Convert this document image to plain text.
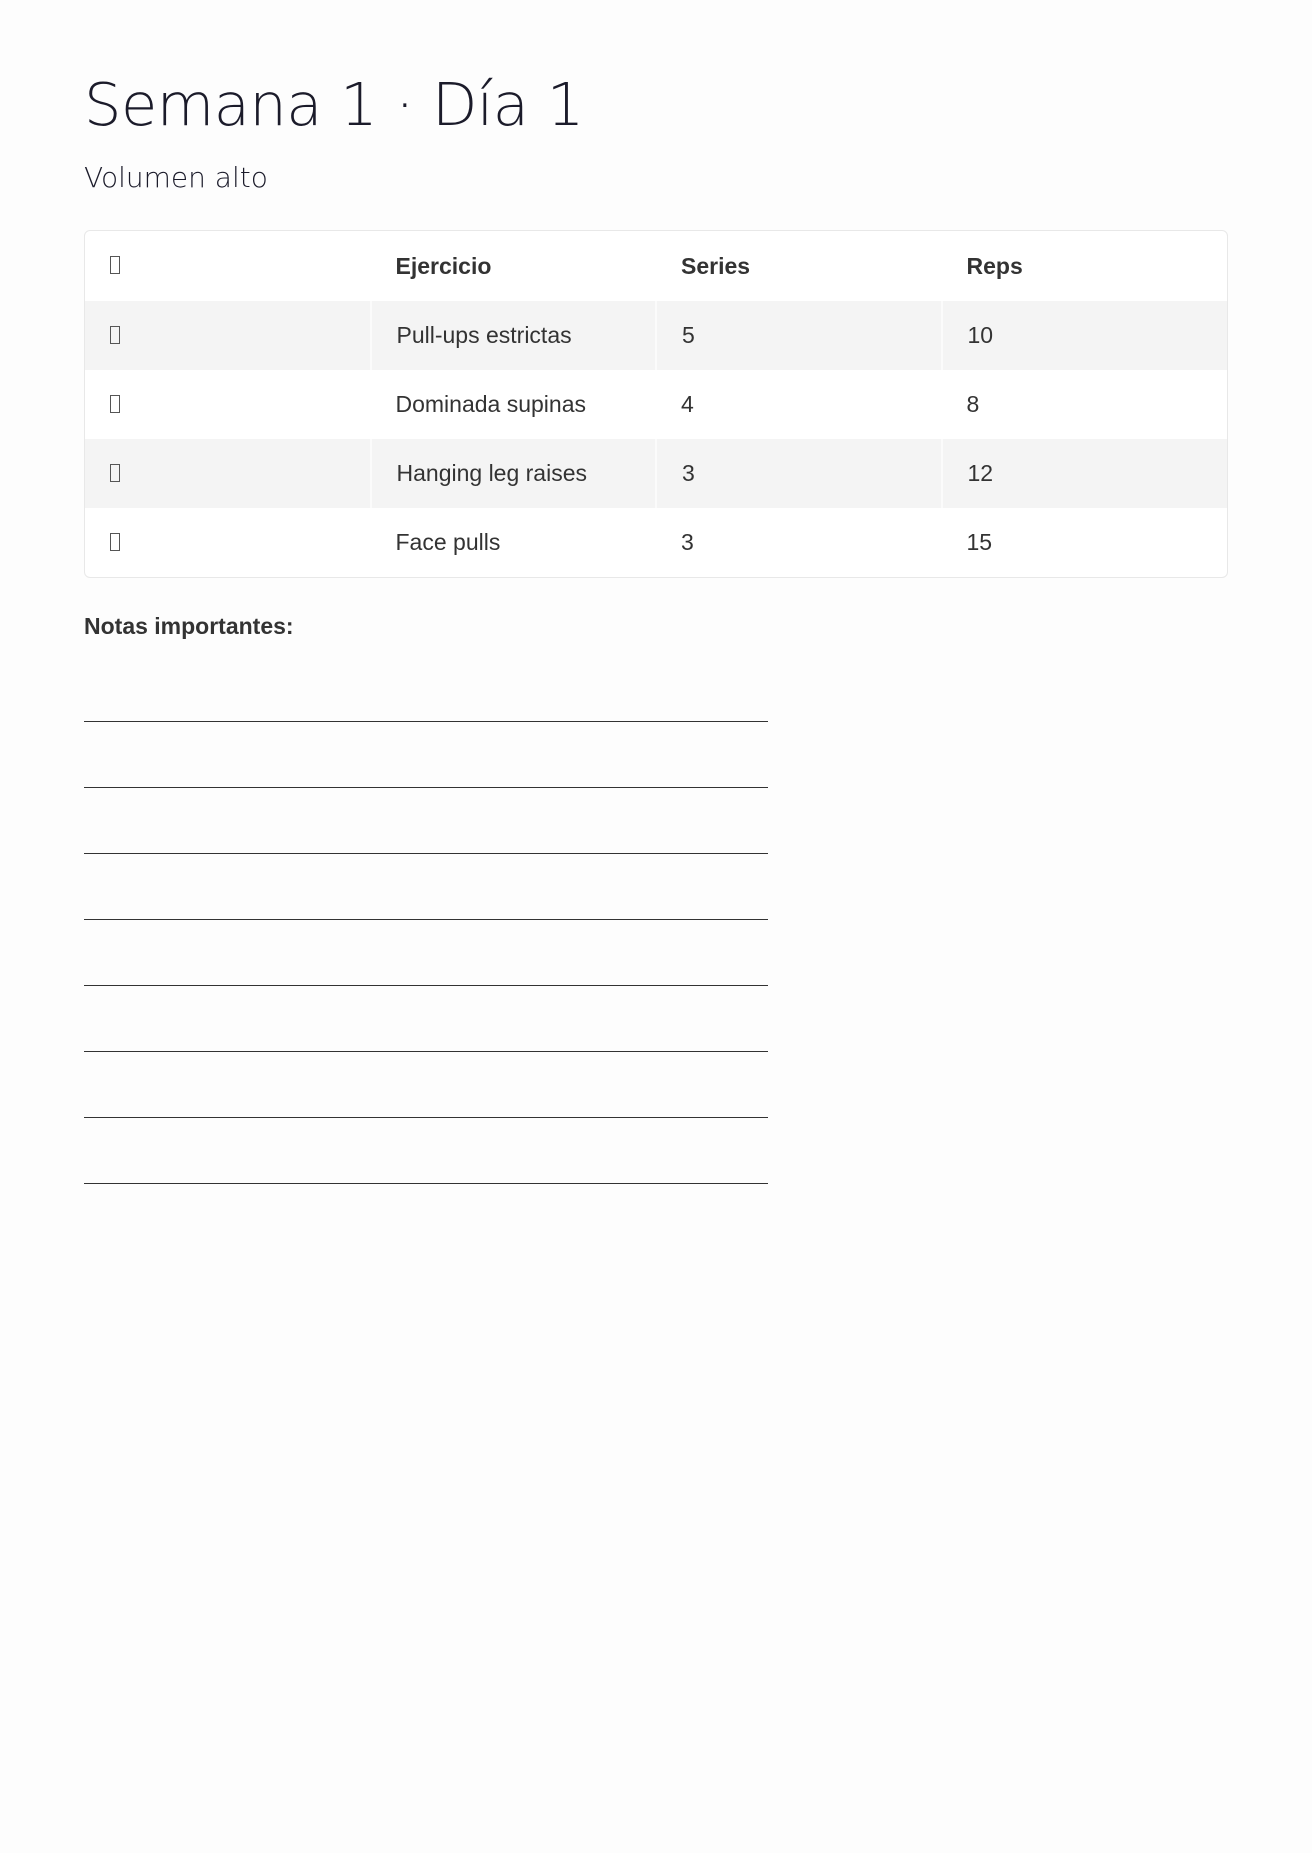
Semana 1 · Día 1
Volumen alto
	Ejercicio	Series	Reps
	Pull-ups estrictas	5	10
	Dominada supinas	4	8
	Hanging leg raises	3	12
	Face pulls	3	15
Notas importantes:
